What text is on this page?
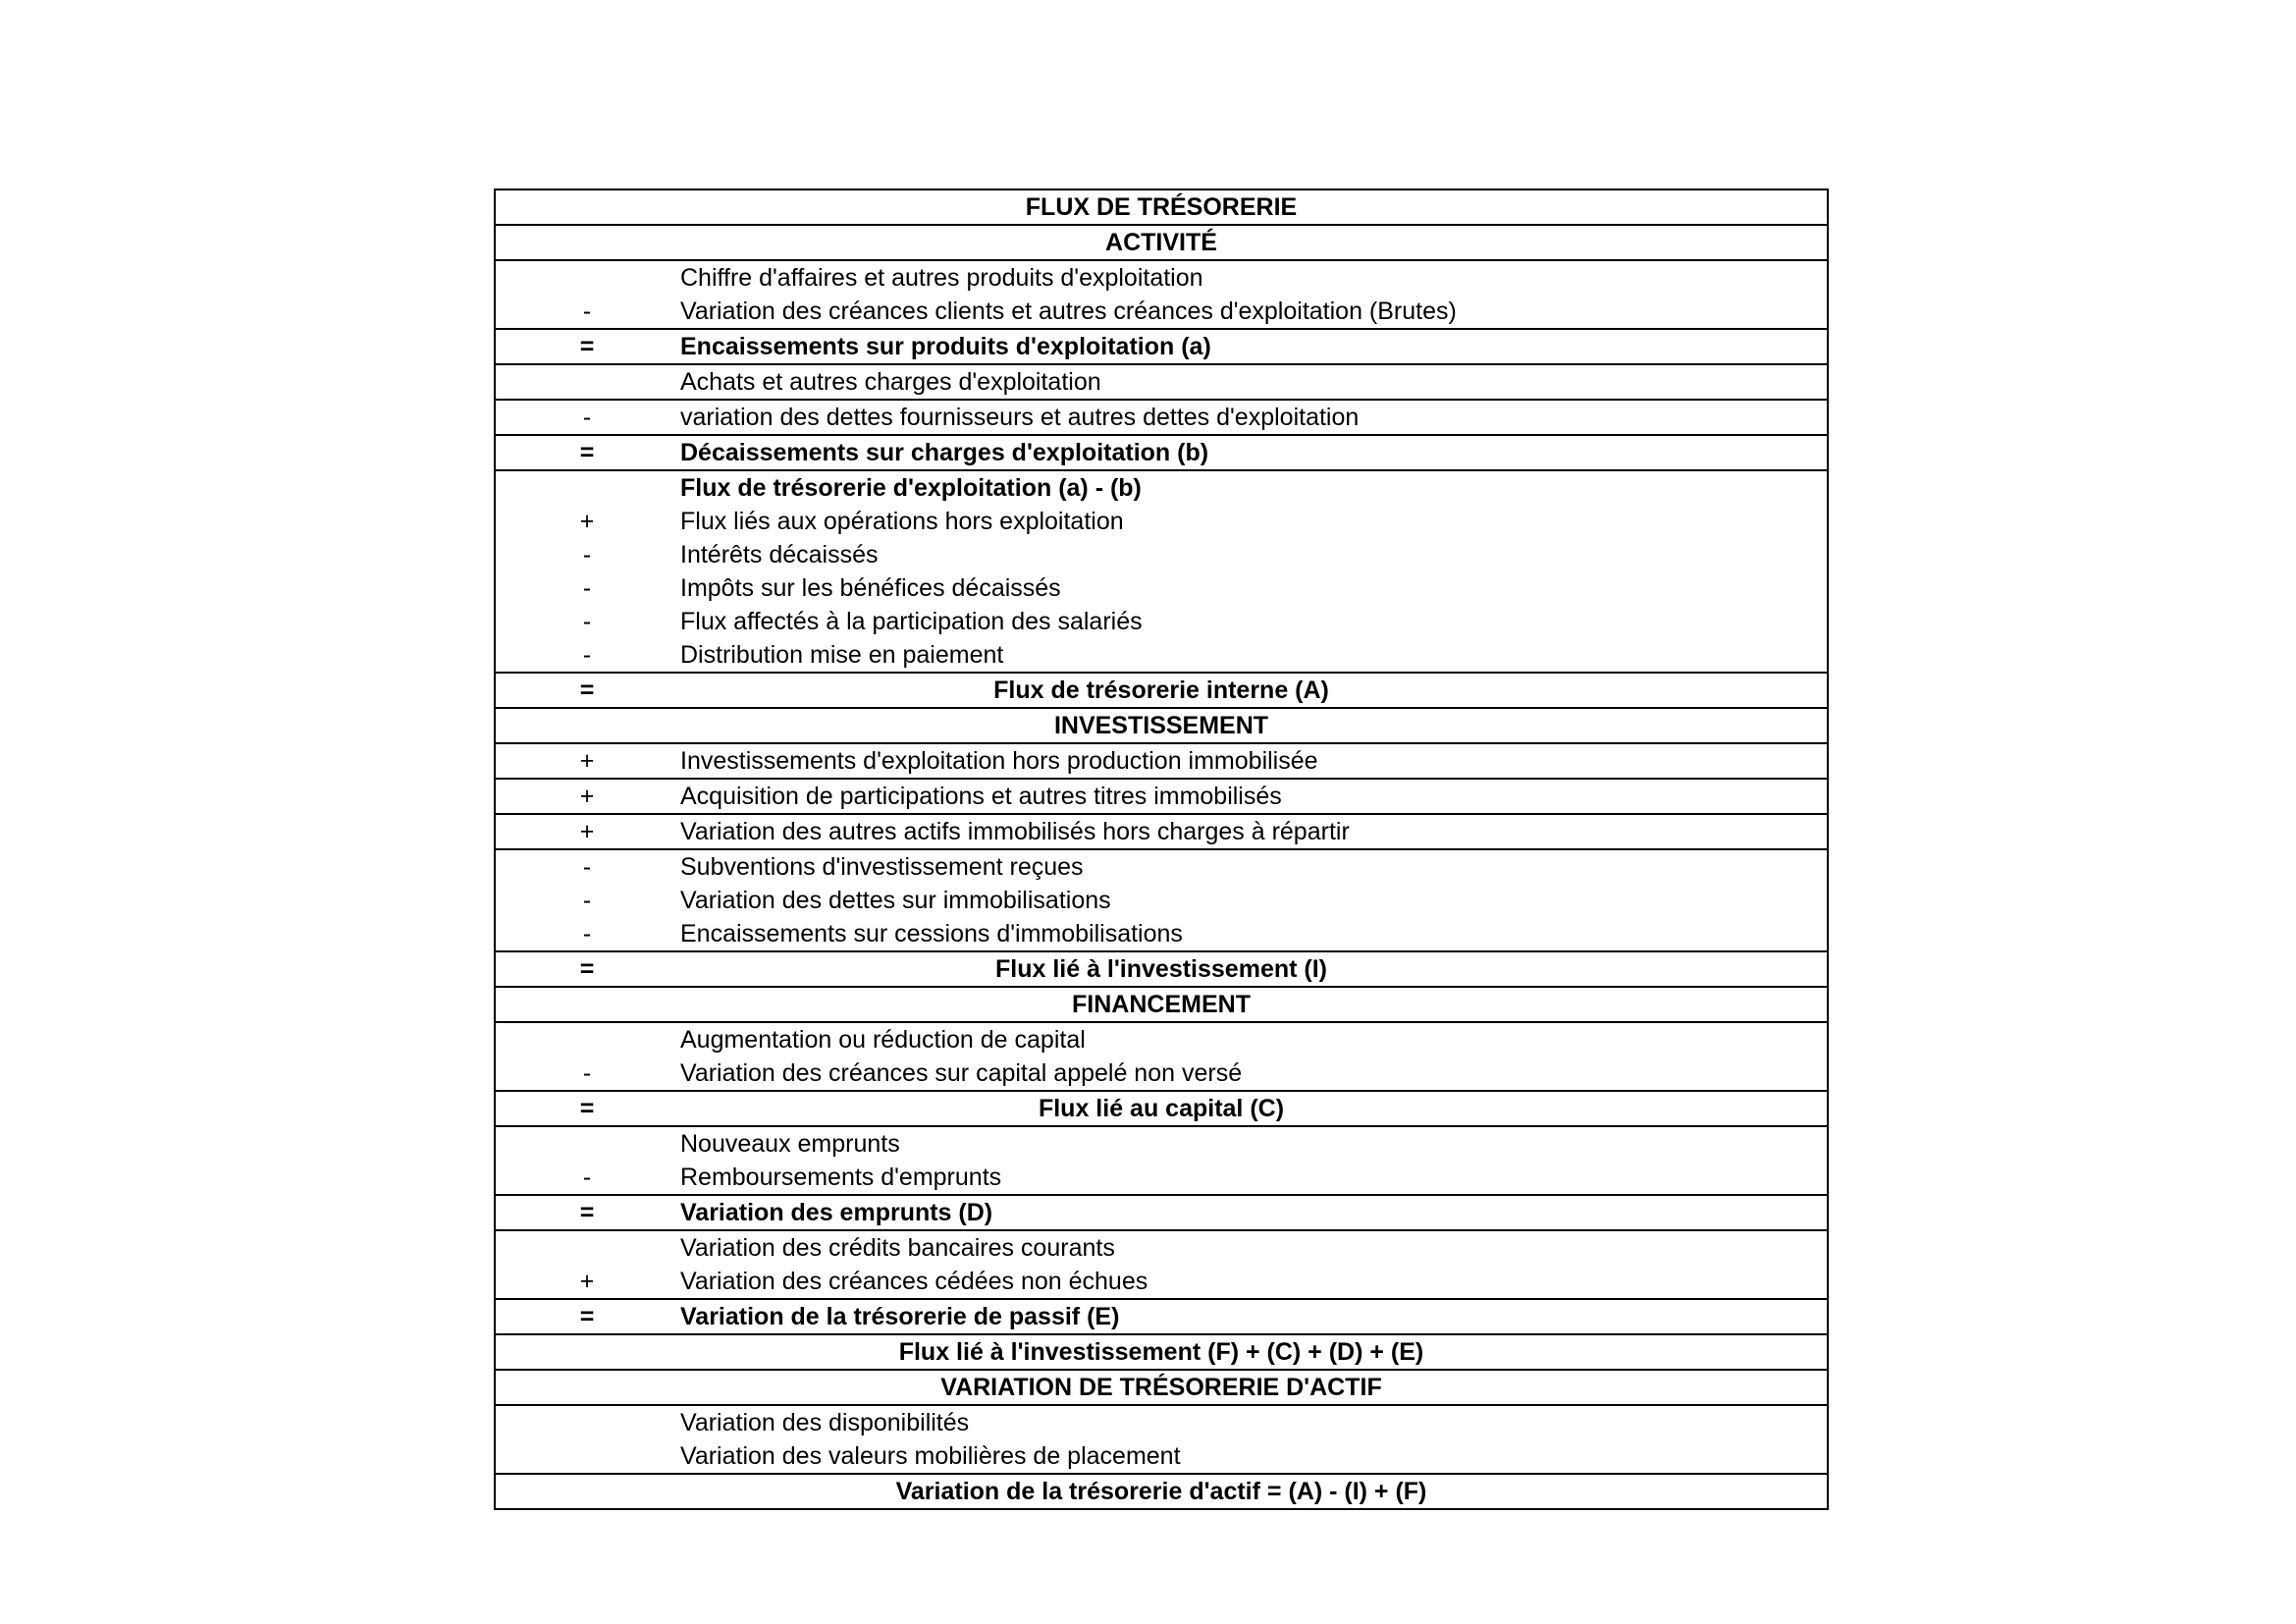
FLUX DE TRÉSORERIE
ACTIVITÉ
Chiffre d'affaires et autres produits d'exploitation
-	Variation des créances clients et autres créances d'exploitation (Brutes)
=	Encaissements sur produits d'exploitation (a)
Achats et autres charges d'exploitation
-	variation des dettes fournisseurs et autres dettes d'exploitation
=	Décaissements sur charges d'exploitation (b)
Flux de trésorerie d'exploitation (a) - (b)
+	Flux liés aux opérations hors exploitation
-	Intérêts décaissés
-	Impôts sur les bénéfices décaissés
-	Flux affectés à la participation des salariés
-	Distribution mise en paiement
=	Flux de trésorerie interne (A)
INVESTISSEMENT
+	Investissements d'exploitation hors production immobilisée
+	Acquisition de participations et autres titres immobilisés
+	Variation des autres actifs immobilisés hors charges à répartir
-	Subventions d'investissement reçues
-	Variation des dettes sur immobilisations
-	Encaissements sur cessions d'immobilisations
=	Flux lié à l'investissement (I)
FINANCEMENT
Augmentation ou réduction de capital
-	Variation des créances sur capital appelé non versé
=	Flux lié au capital (C)
Nouveaux emprunts
-	Remboursements d'emprunts
=	Variation des emprunts (D)
Variation des crédits bancaires courants
+	Variation des créances cédées non échues
=	Variation de la trésorerie de passif (E)
Flux lié à l'investissement (F) + (C) + (D) + (E)
VARIATION DE TRÉSORERIE D'ACTIF
Variation des disponibilités
Variation des valeurs mobilières de placement
Variation de la trésorerie d'actif = (A) - (I) + (F)
